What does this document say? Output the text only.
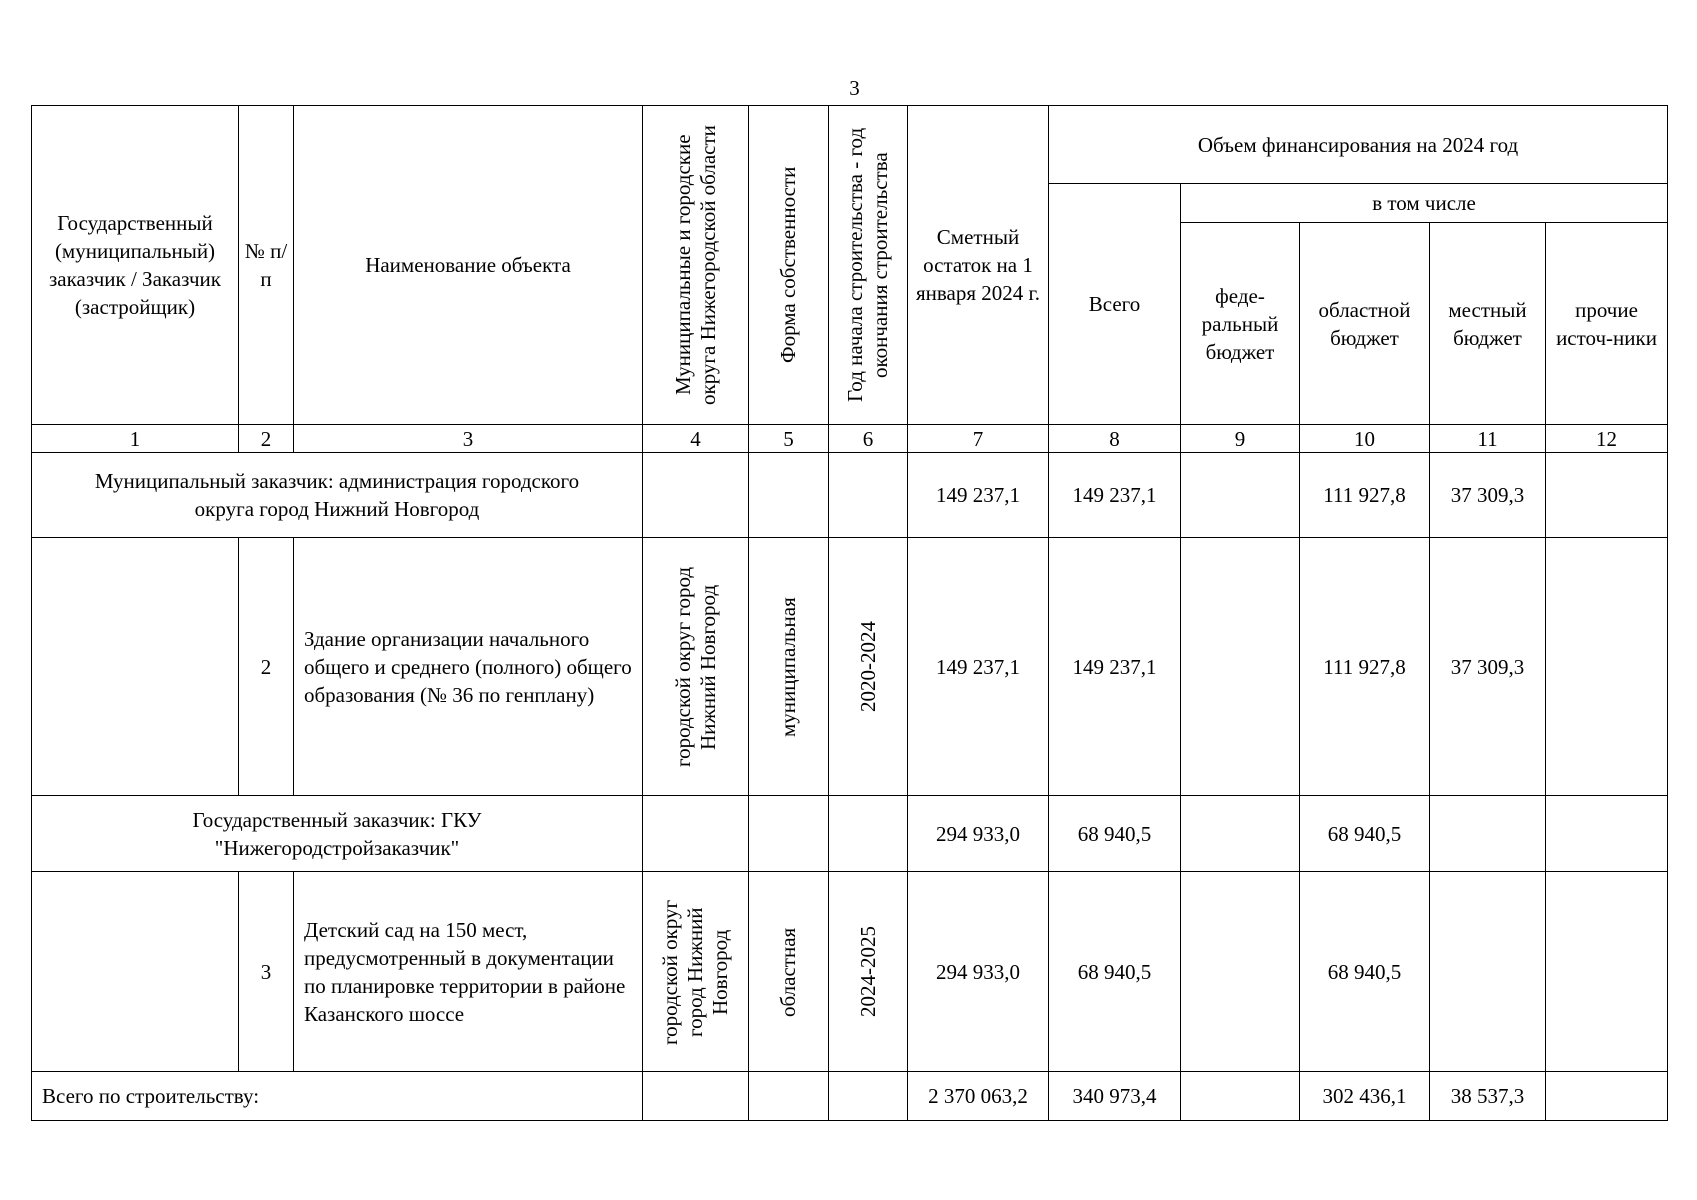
3
Государственный (муниципальный) заказчик / Заказчик (застройщик)	№ п/п	Наименование объекта	Муниципальные и городские округа Нижегородской области	Форма собственности	Год начала строительства - год окончания строительства	Сметный остаток на 1 января 2024 г.	Объем финансирования на 2024 год				
							Всего	в том числе			
								феде-ральный бюджет	областной бюджет	местный бюджет	прочие источ-ники
1	2	3	4	5	6	7	8	9	10	11	12
Муниципальный заказчик: администрация городского округа город Нижний Новгород						149 237,1	149 237,1		111 927,8	37 309,3	
	2	Здание организации начального общего и среднего (полного) общего образования (№ 36 по генплану)	городской округ город Нижний Новгород	муниципальная	2020-2024	149 237,1	149 237,1		111 927,8	37 309,3	
Государственный заказчик: ГКУ "Нижегородстройзаказчик"						294 933,0	68 940,5		68 940,5		
	3	Детский сад на 150 мест, предусмотренный в документации по планировке территории в районе Казанского шоссе	городской округ город Нижний Новгород	областная	2024-2025	294 933,0	68 940,5		68 940,5		
Всего по строительству:						2 370 063,2	340 973,4		302 436,1	38 537,3	
